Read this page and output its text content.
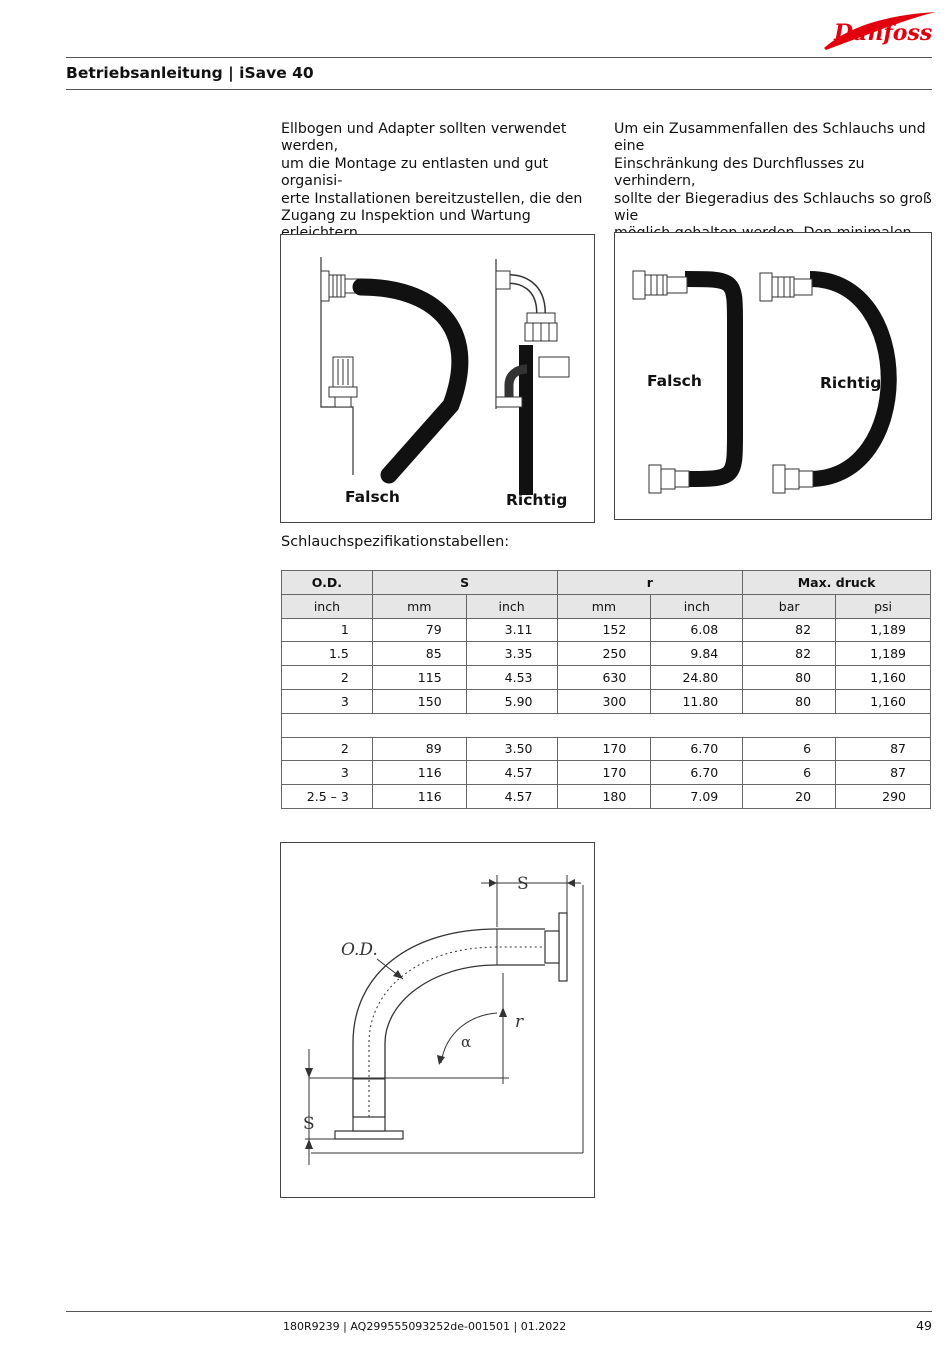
Danfoss
Betriebsanleitung | iSave 40
Ellbogen und Adapter sollten verwendet werden,
um die Montage zu entlasten und gut organisi-
erte Installationen bereitzustellen, die den
Zugang zu Inspektion und Wartung
Um ein Zusammenfallen des Schlauchs und eine
Einschränkung des Durchflusses zu verhindern,
sollte der Biegeradius des Schlauchs so groß wie
Falsch	Richtig
Falsch	Richtig
Schlauchspezifikationstabellen:
O.D.	S		r		Max. druck	
inch	mm	inch	mm	inch	bar	psi
1	79	3.11	152	6.08	82	1,189
1.5	85	3.35	250	9.84	82	1,189
2	115	4.53	630	24.80	80	1,160
3	150	5.90	300	11.80	80	1,160

2	89	3.50	170	6.70	6	87
3	116	4.57	170	6.70	6	87
2.5 – 3	116	4.57	180	7.09	20	290
S
O.D.
r
α
S
180R9239 | AQ299555093252de-001501 | 01.2022	49
